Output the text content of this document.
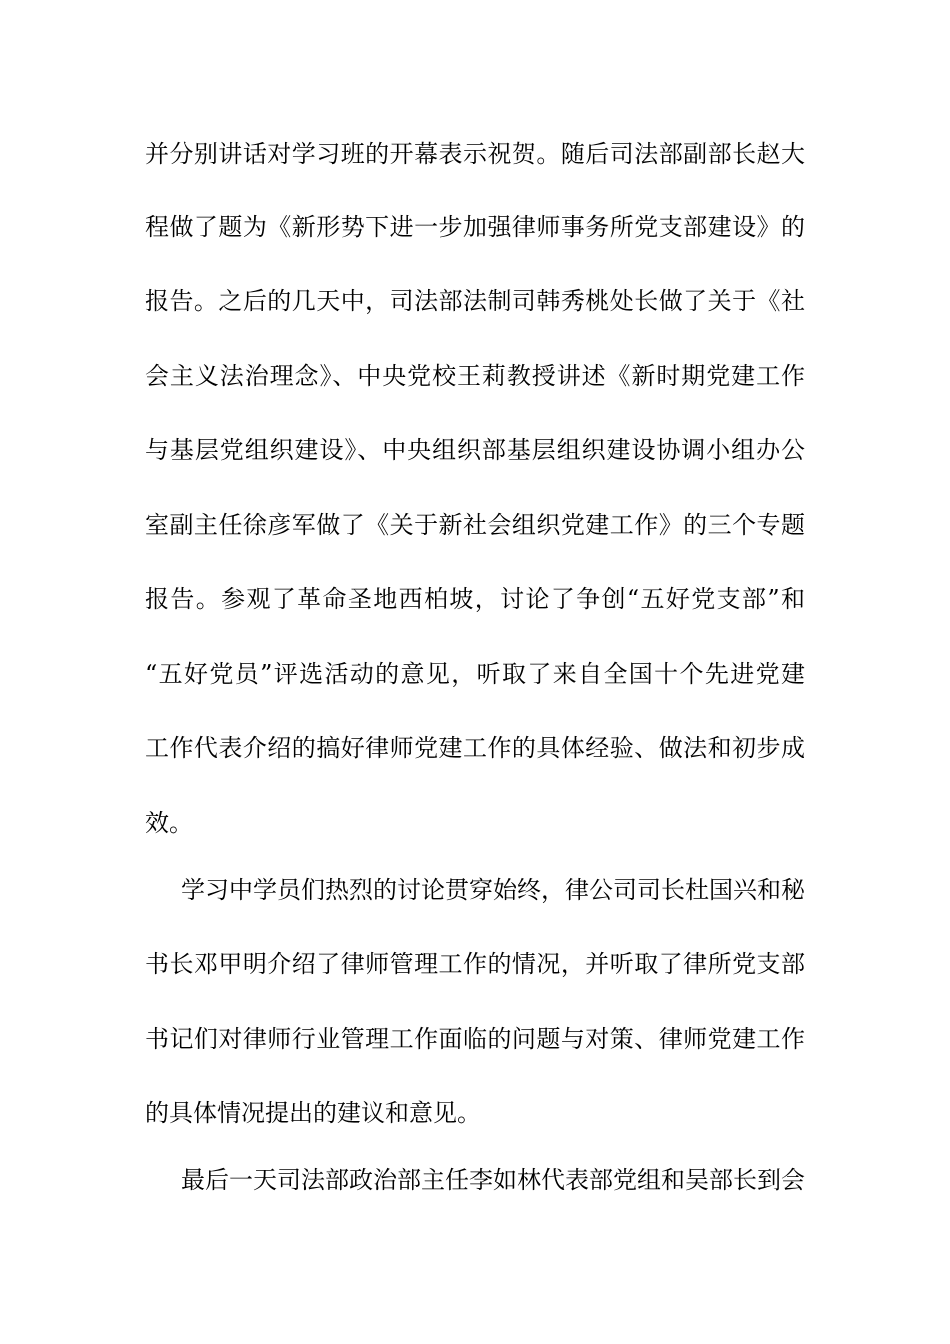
并分别讲话对学习班的开幕表示祝贺。随后司法部副部长赵大
程做了题为《新形势下进一步加强律师事务所党支部建设》的
报告。之后的几天中，司法部法制司韩秀桃处长做了关于《社
会主义法治理念》、中央党校王莉教授讲述《新时期党建工作
与基层党组织建设》、中央组织部基层组织建设协调小组办公
室副主任徐彦军做了《关于新社会组织党建工作》的三个专题
报告。参观了革命圣地西柏坡，讨论了争创“五好党支部”和
“五好党员”评选活动的意见，听取了来自全国十个先进党建
工作代表介绍的搞好律师党建工作的具体经验、做法和初步成
效。
学习中学员们热烈的讨论贯穿始终，律公司司长杜国兴和秘
书长邓甲明介绍了律师管理工作的情况，并听取了律所党支部
书记们对律师行业管理工作面临的问题与对策、律师党建工作
的具体情况提出的建议和意见。
最后一天司法部政治部主任李如林代表部党组和吴部长到会
